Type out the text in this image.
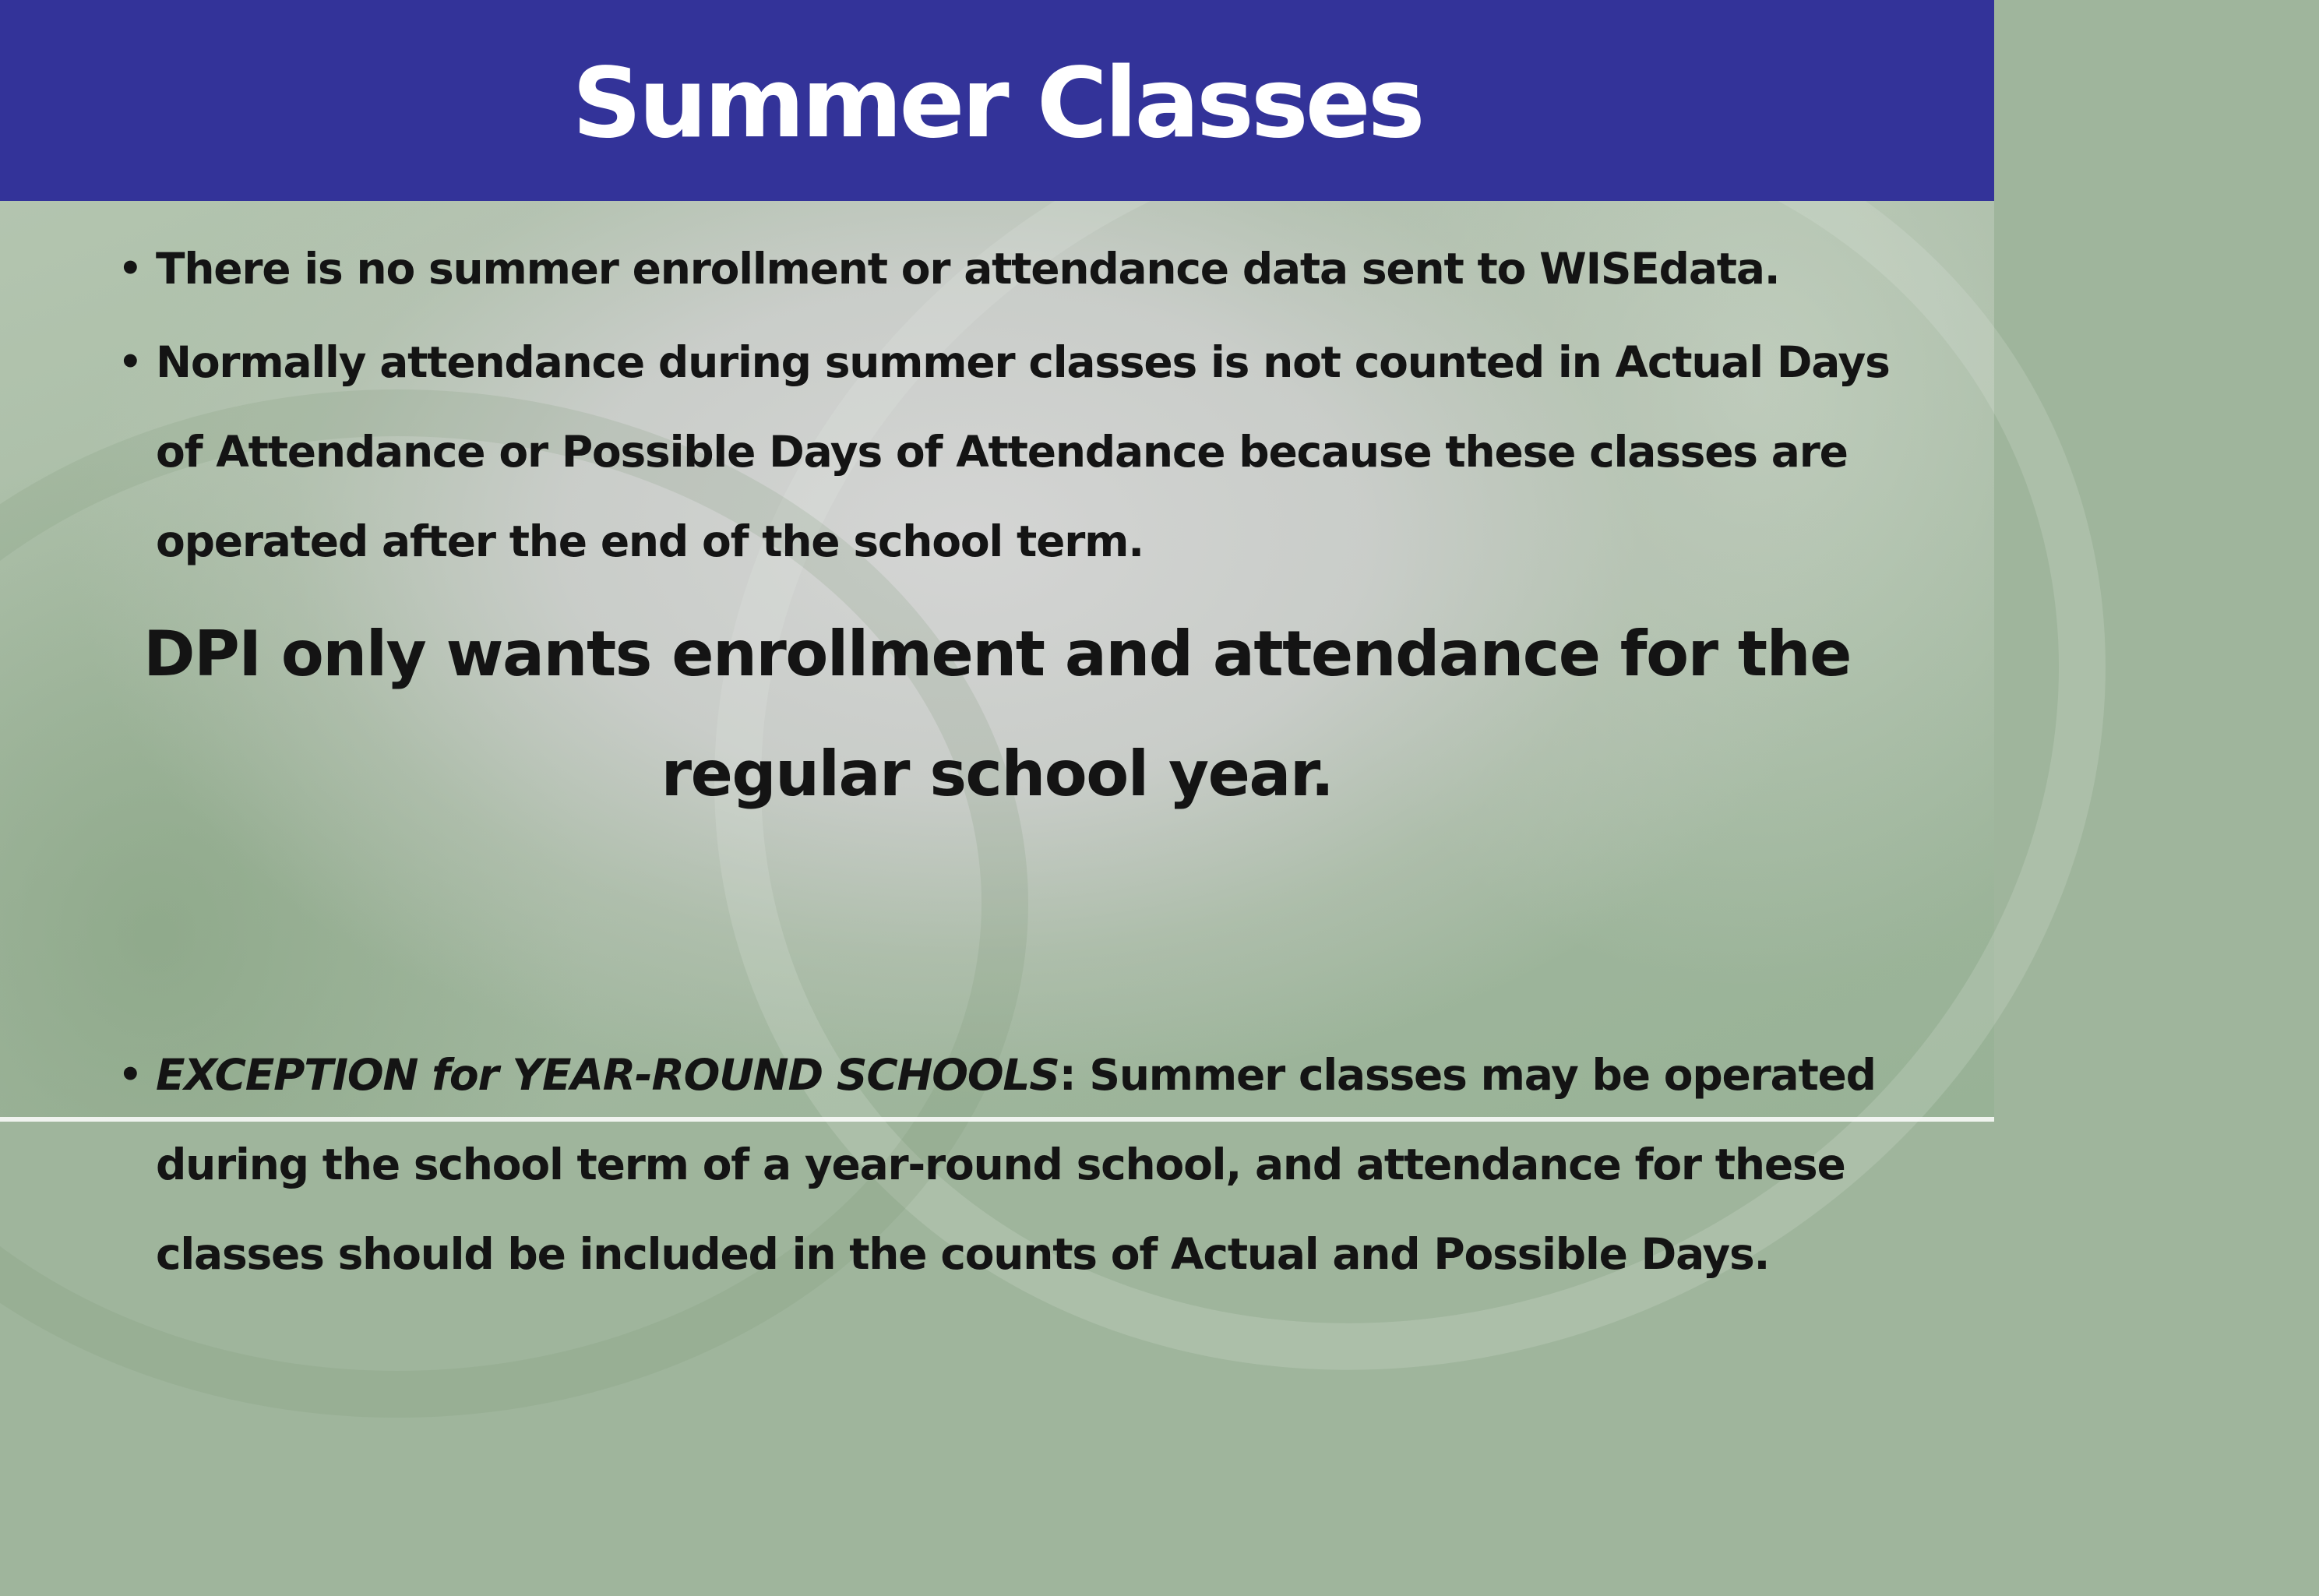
Summer Classes
• There is no summer enrollment or attendance data sent to WISEdata.
• Normally attendance during summer classes is not counted in Actual Days of Attendance or Possible Days of Attendance because these classes are operated after the end of the school term.
DPI only wants enrollment and attendance for the
regular school year.
• EXCEPTION for YEAR-ROUND SCHOOLS: Summer classes may be operated during the school term of a year-round school, and attendance for these classes should be included in the counts of Actual and Possible Days.
